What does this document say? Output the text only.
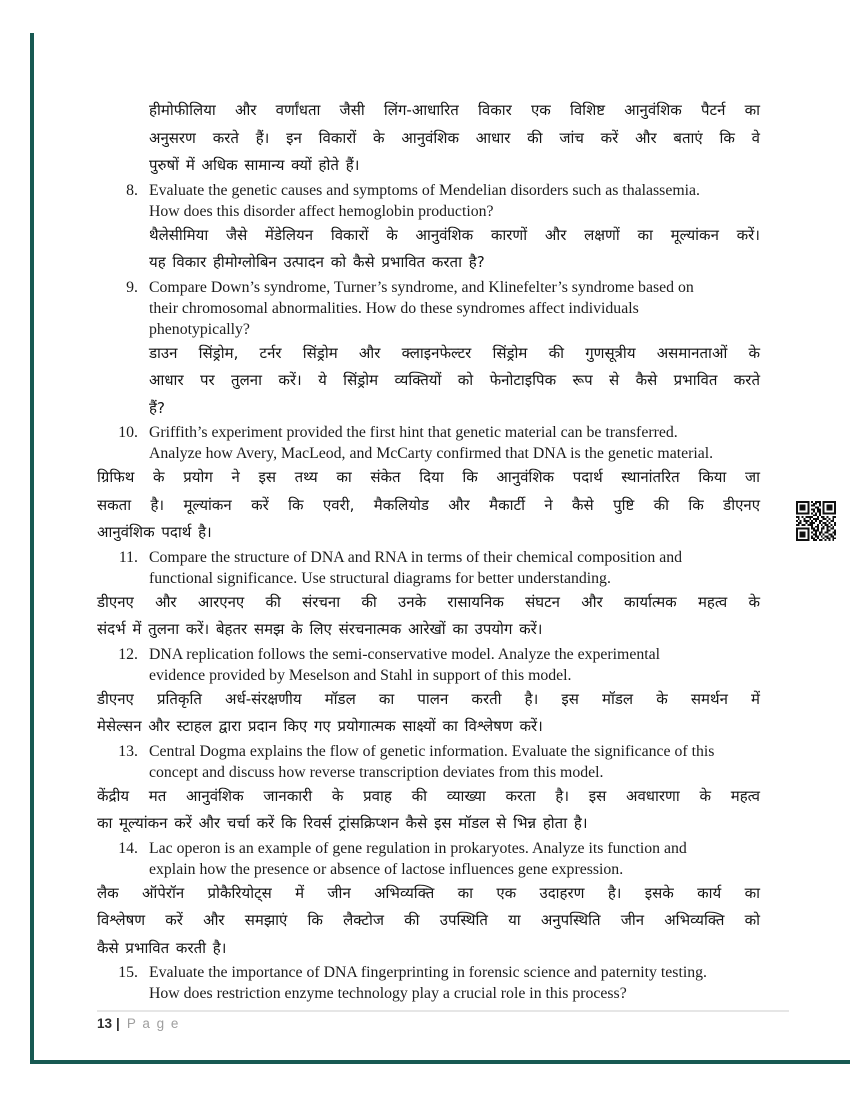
हीमोफीलिया और वर्णांधता जैसी लिंग-आधारित विकार एक विशिष्ट आनुवंशिक पैटर्न का
अनुसरण करते हैं। इन विकारों के आनुवंशिक आधार की जांच करें और बताएं कि वे
पुरुषों में अधिक सामान्य क्यों होते हैं।
8. Evaluate the genetic causes and symptoms of Mendelian disorders such as thalassemia.
How does this disorder affect hemoglobin production?
थैलेसीमिया जैसे मेंडेलियन विकारों के आनुवंशिक कारणों और लक्षणों का मूल्यांकन करें।
यह विकार हीमोग्लोबिन उत्पादन को कैसे प्रभावित करता है?
9. Compare Down’s syndrome, Turner’s syndrome, and Klinefelter’s syndrome based on
their chromosomal abnormalities. How do these syndromes affect individuals
phenotypically?
डाउन सिंड्रोम, टर्नर सिंड्रोम और क्लाइनफेल्टर सिंड्रोम की गुणसूत्रीय असमानताओं के
आधार पर तुलना करें। ये सिंड्रोम व्यक्तियों को फेनोटाइपिक रूप से कैसे प्रभावित करते
हैं?
10. Griffith’s experiment provided the first hint that genetic material can be transferred.
Analyze how Avery, MacLeod, and McCarty confirmed that DNA is the genetic material.
ग्रिफिथ के प्रयोग ने इस तथ्य का संकेत दिया कि आनुवंशिक पदार्थ स्थानांतरित किया जा
सकता है। मूल्यांकन करें कि एवरी, मैकलियोड और मैकार्टी ने कैसे पुष्टि की कि डीएनए
आनुवंशिक पदार्थ है।
11. Compare the structure of DNA and RNA in terms of their chemical composition and
functional significance. Use structural diagrams for better understanding.
डीएनए और आरएनए की संरचना की उनके रासायनिक संघटन और कार्यात्मक महत्व के
संदर्भ में तुलना करें। बेहतर समझ के लिए संरचनात्मक आरेखों का उपयोग करें।
12. DNA replication follows the semi-conservative model. Analyze the experimental
evidence provided by Meselson and Stahl in support of this model.
डीएनए प्रतिकृति अर्ध-संरक्षणीय मॉडल का पालन करती है। इस मॉडल के समर्थन में
मेसेल्सन और स्टाहल द्वारा प्रदान किए गए प्रयोगात्मक साक्ष्यों का विश्लेषण करें।
13. Central Dogma explains the flow of genetic information. Evaluate the significance of this
concept and discuss how reverse transcription deviates from this model.
केंद्रीय मत आनुवंशिक जानकारी के प्रवाह की व्याख्या करता है। इस अवधारणा के महत्व
का मूल्यांकन करें और चर्चा करें कि रिवर्स ट्रांसक्रिप्शन कैसे इस मॉडल से भिन्न होता है।
14. Lac operon is an example of gene regulation in prokaryotes. Analyze its function and
explain how the presence or absence of lactose influences gene expression.
लैक ऑपेरॉन प्रोकैरियोट्स में जीन अभिव्यक्ति का एक उदाहरण है। इसके कार्य का
विश्लेषण करें और समझाएं कि लैक्टोज की उपस्थिति या अनुपस्थिति जीन अभिव्यक्ति को
कैसे प्रभावित करती है।
15. Evaluate the importance of DNA fingerprinting in forensic science and paternity testing.
How does restriction enzyme technology play a crucial role in this process?
13 | P a g e
